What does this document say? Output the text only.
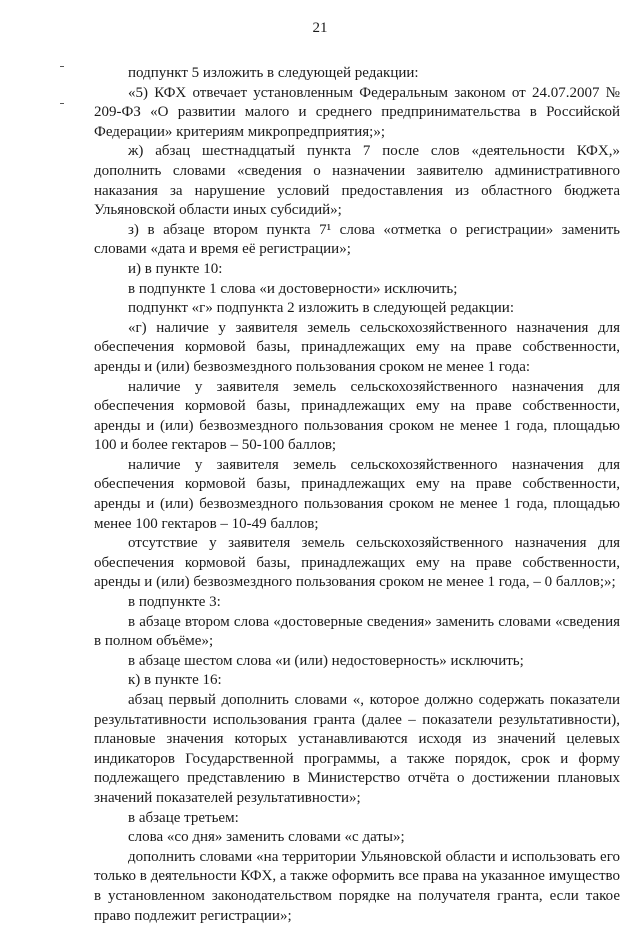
21

подпункт 5 изложить в следующей редакции:

«5) КФХ отвечает установленным Федеральным законом от 24.07.2007 № 209-ФЗ «О развитии малого и среднего предпринимательства в Российской Федерации» критериям микропредприятия;»;

ж) абзац шестнадцатый пункта 7 после слов «деятельности КФХ,» дополнить словами «сведения о назначении заявителю административного наказания за нарушение условий предоставления из областного бюджета Ульяновской области иных субсидий»;

з) в абзаце втором пункта 7¹ слова «отметка о регистрации» заменить словами «дата и время её регистрации»;

и) в пункте 10:

в подпункте 1 слова «и достоверности» исключить;

подпункт «г» подпункта 2 изложить в следующей редакции:

«г) наличие у заявителя земель сельскохозяйственного назначения для обеспечения кормовой базы, принадлежащих ему на праве собственности, аренды и (или) безвозмездного пользования сроком не менее 1 года:

наличие у заявителя земель сельскохозяйственного назначения для обеспечения кормовой базы, принадлежащих ему на праве собственности, аренды и (или) безвозмездного пользования сроком не менее 1 года, площадью 100 и более гектаров – 50-100 баллов;

наличие у заявителя земель сельскохозяйственного назначения для обеспечения кормовой базы, принадлежащих ему на праве собственности, аренды и (или) безвозмездного пользования сроком не менее 1 года, площадью менее 100 гектаров – 10-49 баллов;

отсутствие у заявителя земель сельскохозяйственного назначения для обеспечения кормовой базы, принадлежащих ему на праве собственности, аренды и (или) безвозмездного пользования сроком не менее 1 года, – 0 баллов;»;

в подпункте 3:

в абзаце втором слова «достоверные сведения» заменить словами «сведения в полном объёме»;

в абзаце шестом слова «и (или) недостоверность» исключить;

к) в пункте 16:

абзац первый дополнить словами «, которое должно содержать показатели результативности использования гранта (далее – показатели результативности), плановые значения которых устанавливаются исходя из значений целевых индикаторов Государственной программы, а также порядок, срок и форму подлежащего представлению в Министерство отчёта о достижении плановых значений показателей результативности»;

в абзаце третьем:

слова «со дня» заменить словами «с даты»;

дополнить словами «на территории Ульяновской области и использовать его только в деятельности КФХ, а также оформить все права на указанное имущество в установленном законодательством порядке на получателя гранта, если такое право подлежит регистрации»;
